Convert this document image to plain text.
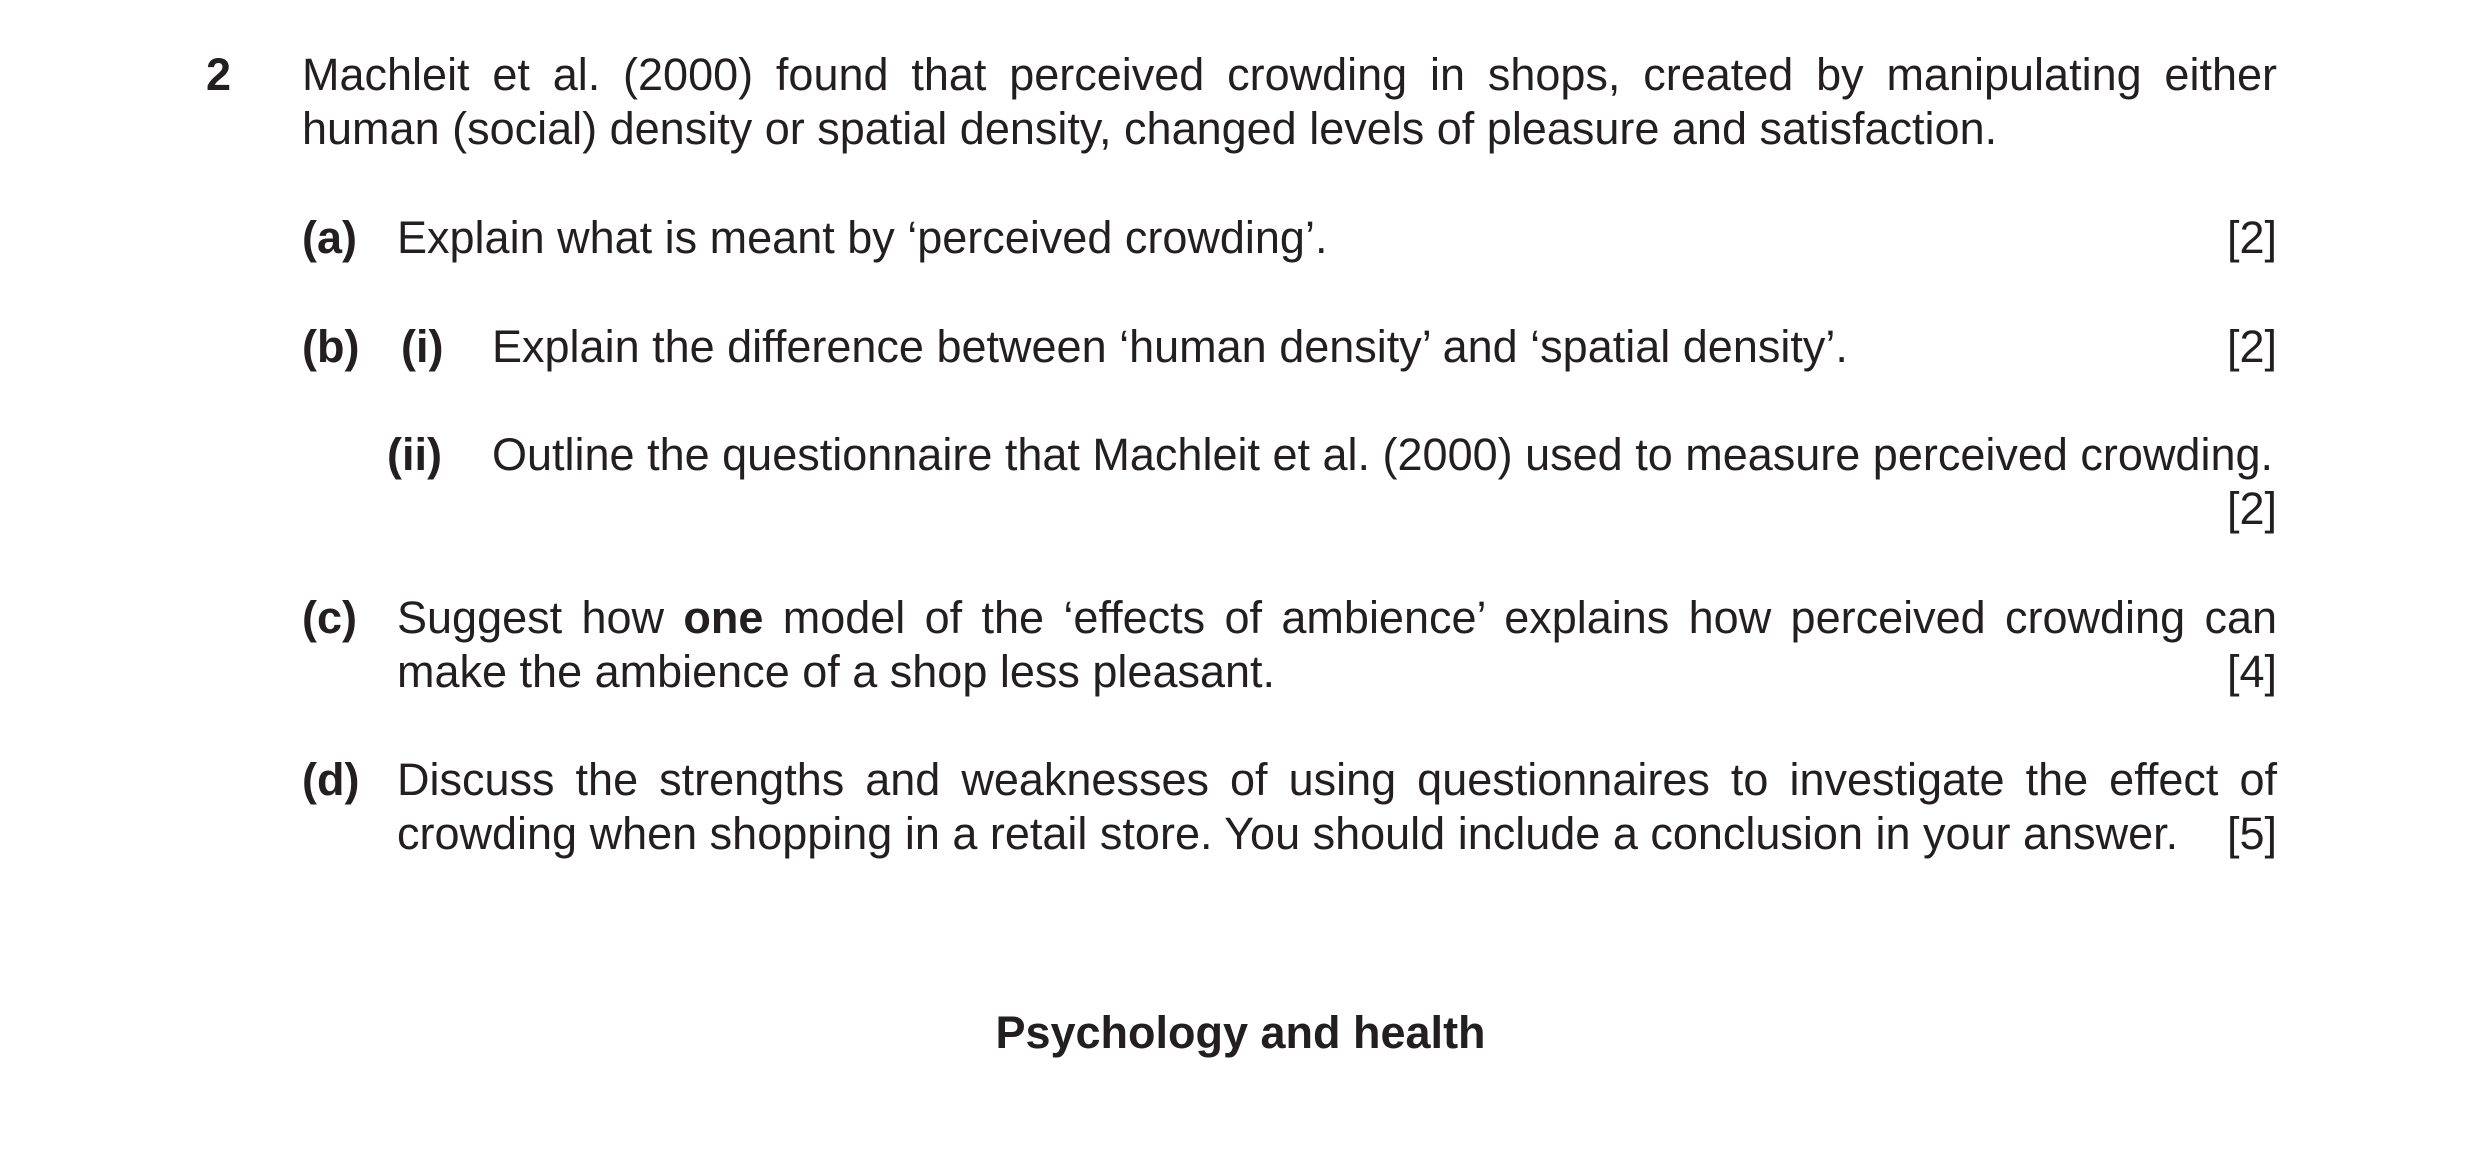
2 Machleit et al. (2000) found that perceived crowding in shops, created by manipulating either human (social) density or spatial density, changed levels of pleasure and satisfaction.
(a) Explain what is meant by ‘perceived crowding’.	[2]
(b) (i) Explain the difference between ‘human density’ and ‘spatial density’.	[2]
(ii) Outline the questionnaire that Machleit et al. (2000) used to measure perceived crowding.
[2]
(c) Suggest how one model of the ‘effects of ambience’ explains how perceived crowding can make the ambience of a shop less pleasant.	[4]
(d) Discuss the strengths and weaknesses of using questionnaires to investigate the effect of crowding when shopping in a retail store. You should include a conclusion in your answer.	[5]
Psychology and health
